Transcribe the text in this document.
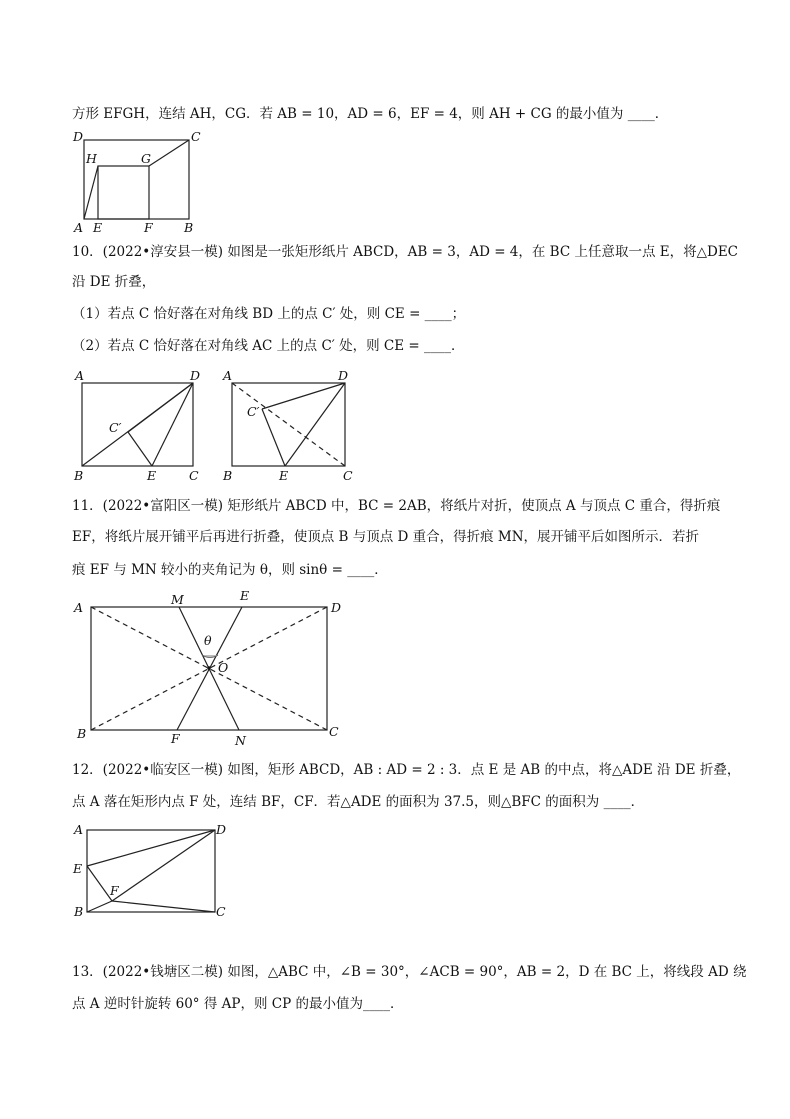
方形 EFGH，连结 AH，CG．若 AB = 10，AD = 6，EF = 4，则 AH + CG 的最小值为 ____．
D	C
H	G
A E	F	B
10．(2022•淳安县一模) 如图是一张矩形纸片 ABCD，AB = 3，AD = 4，在 BC 上任意取一点 E，将△DEC
沿 DE 折叠，
（1）若点 C 恰好落在对角线 BD 上的点 C′ 处，则 CE = ____；
（2）若点 C 恰好落在对角线 AC 上的点 C′ 处，则 CE = ____．
A	D
C′
B	E	C
A	D
C′
B	E	C
11．(2022•富阳区一模) 矩形纸片 ABCD 中，BC = 2AB，将纸片对折，使顶点 A 与顶点 C 重合，得折痕
EF，将纸片展开铺平后再进行折叠，使顶点 B 与顶点 D 重合，得折痕 MN，展开铺平后如图所示．若折
痕 EF 与 MN 较小的夹角记为 θ，则 sinθ = ____．
A
M	E
D
θ
O
B	F	N
C
12．(2022•临安区一模) 如图，矩形 ABCD，AB : AD = 2 : 3．点 E 是 AB 的中点，将△ADE 沿 DE 折叠，
点 A 落在矩形内点 F 处，连结 BF，CF．若△ADE 的面积为 37.5，则△BFC 的面积为 ____．
A	D
E
F
B	C
13．(2022•钱塘区二模) 如图，△ABC 中，∠B = 30°，∠ACB = 90°，AB = 2，D 在 BC 上，将线段 AD 绕
点 A 逆时针旋转 60° 得 AP，则 CP 的最小值为____．
